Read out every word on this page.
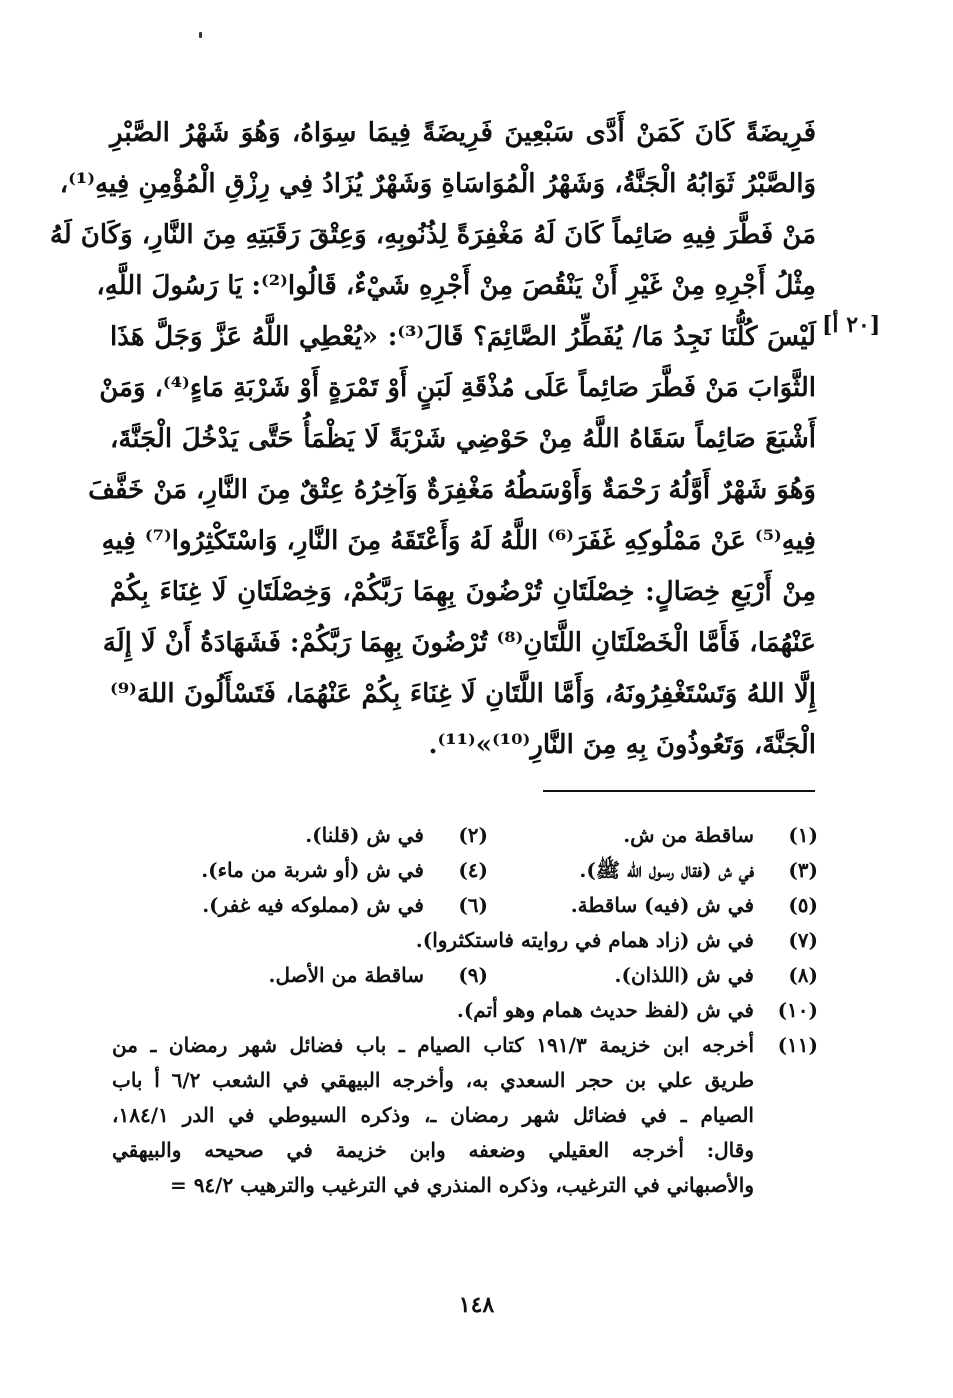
[٢٠ أ]
فَرِيضَةً كَانَ كَمَنْ أَدَّى سَبْعِينَ فَرِيضَةً فِيمَا سِوَاهُ، وَهُوَ شَهْرُ الصَّبْرِ
وَالصَّبْرُ ثَوَابُهُ الْجَنَّةُ، وَشَهْرُ الْمُوَاسَاةِ وَشَهْرٌ يُزَادُ فِي رِزْقِ الْمُؤْمِنِ فِيهِ⁽¹⁾،
مَنْ فَطَّرَ فِيهِ صَائِماً كَانَ لَهُ مَغْفِرَةً لِذُنُوبِهِ، وَعِتْقَ رَقَبَتِهِ مِنَ النَّارِ، وَكَانَ لَهُ
مِثْلُ أَجْرِهِ مِنْ غَيْرِ أَنْ يَنْقُصَ مِنْ أَجْرِهِ شَيْءٌ، قَالُوا⁽²⁾: يَا رَسُولَ اللَّهِ،
لَيْسَ كُلُّنَا نَجِدُ مَا/ يُفَطِّرُ الصَّائِمَ؟ قَالَ⁽³⁾: «يُعْطِي اللَّهُ عَزَّ وَجَلَّ هَذَا
الثَّوَابَ مَنْ فَطَّرَ صَائِماً عَلَى مُذْقَةِ لَبَنٍ أَوْ تَمْرَةٍ أَوْ شَرْبَةِ مَاءٍ⁽⁴⁾، وَمَنْ
أَشْبَعَ صَائِماً سَقَاهُ اللَّهُ مِنْ حَوْضِي شَرْبَةً لَا يَظْمَأُ حَتَّى يَدْخُلَ الْجَنَّةَ،
وَهُوَ شَهْرٌ أَوَّلُهُ رَحْمَةٌ وَأَوْسَطُهُ مَغْفِرَةٌ وَآخِرُهُ عِتْقٌ مِنَ النَّارِ، مَنْ خَفَّفَ
فِيهِ⁽⁵⁾ عَنْ مَمْلُوكِهِ غَفَرَ⁽⁶⁾ اللَّهُ لَهُ وَأَعْتَقَهُ مِنَ النَّارِ، وَاسْتَكْثِرُوا⁽⁷⁾ فِيهِ
مِنْ أَرْبَعِ خِصَالٍ: خِصْلَتَانِ تُرْضُونَ بِهِمَا رَبَّكُمْ، وَخِصْلَتَانِ لَا غِنَاءَ بِكُمْ
عَنْهُمَا، فَأَمَّا الْخَصْلَتَانِ اللَّتَانِ⁽⁸⁾ تُرْضُونَ بِهِمَا رَبَّكُمْ: فَشَهَادَةُ أَنْ لَا إِلَهَ
إِلَّا اللهُ وَتَسْتَغْفِرُونَهُ، وَأَمَّا اللَّتَانِ لَا غِنَاءَ بِكُمْ عَنْهُمَا، فَتَسْأَلُونَ اللهَ⁽⁹⁾
الْجَنَّةَ، وَتَعُوذُونَ بِهِ مِنَ النَّارِ⁽¹⁰⁾»⁽¹¹⁾.
(١)
ساقطة من ش.
(٢)
في ش (قلنا).
(٣)
في ش (فقال رسول الله ﷺ).
(٤)
في ش (أو شربة من ماء).
(٥)
في ش (فيه) ساقطة.
(٦)
في ش (مملوكه فيه غفر).
(٧)
في ش (زاد همام في روايته فاستكثروا).
(٨)
في ش (اللذان).
(٩)
ساقطة من الأصل.
(١٠)
في ش (لفظ حديث همام وهو أتم).
(١١)
أخرجه ابن خزيمة ١٩١/٣ كتاب الصيام ـ باب فضائل شهر رمضان ـ من
طريق علي بن حجر السعدي به، وأخرجه البيهقي في الشعب ٦/٢ أ باب
الصيام ـ في فضائل شهر رمضان ـ، وذكره السيوطي في الدر ١٨٤/١،
وقال: أخرجه العقيلي وضعفه وابن خزيمة في صحيحه والبيهقي
والأصبهاني في الترغيب، وذكره المنذري في الترغيب والترهيب ٩٤/٢ =
١٤٨
